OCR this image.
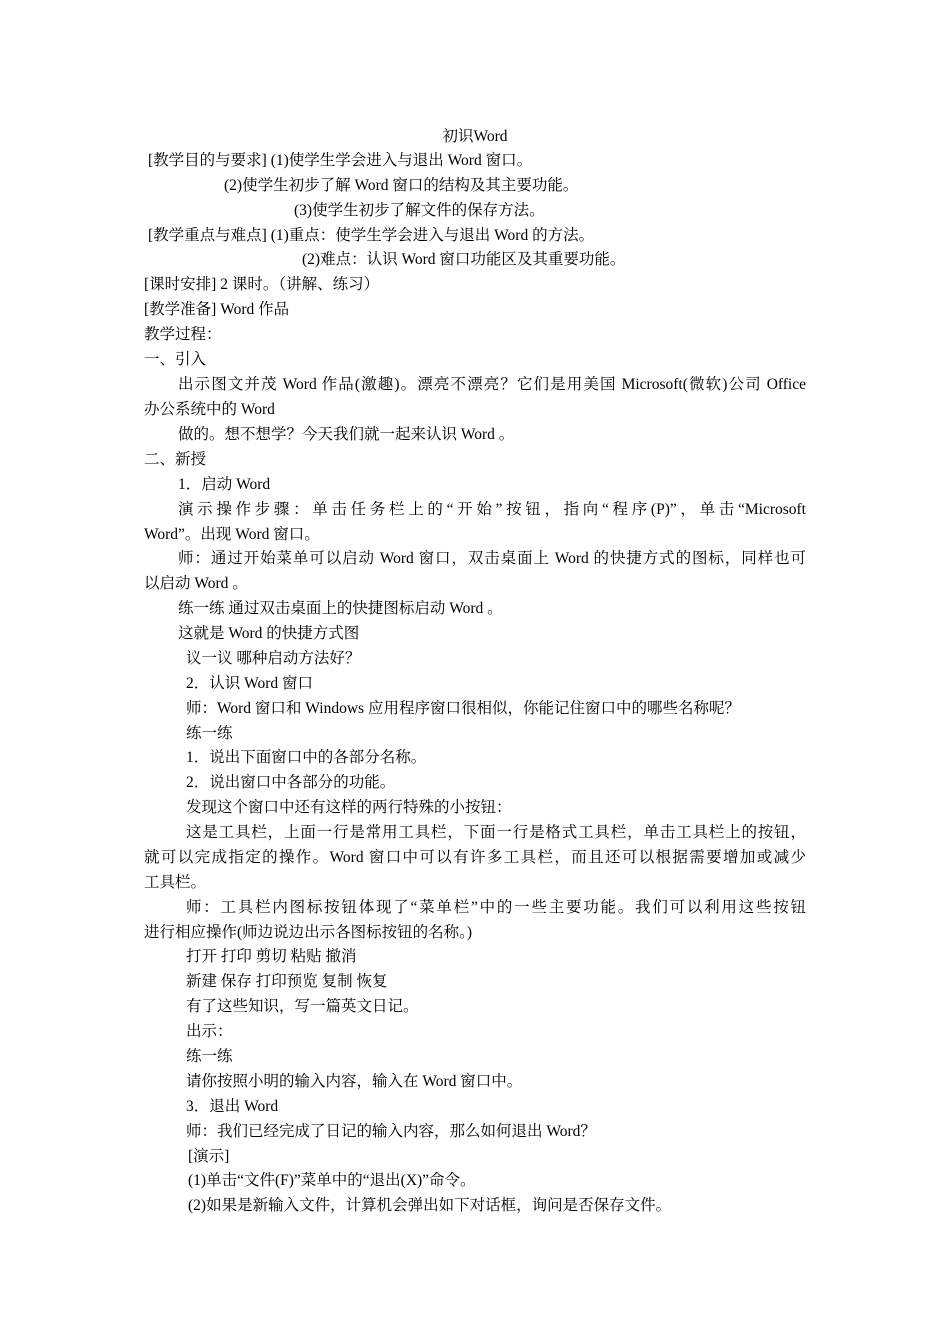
初识Word
[教学目的与要求] (1)使学生学会进入与退出 Word 窗口。
(2)使学生初步了解 Word 窗口的结构及其主要功能。
(3)使学生初步了解文件的保存方法。
[教学重点与难点] (1)重点：使学生学会进入与退出 Word 的方法。
(2)难点：认识 Word 窗口功能区及其重要功能。
[课时安排] 2 课时。（讲解、练习）
[教学准备] Word 作品
教学过程：
一、引入
出示图文并茂 Word 作品(激趣)。漂亮不漂亮？它们是用美国 Microsoft(微软)公司 Office
办公系统中的 Word
做的。想不想学？今天我们就一起来认识 Word 。
二、新授
1．启动 Word
演示操作步骤：单击任务栏上的“开始”按钮，指向“程序(P)”，单击“Microsoft
Word”。出现 Word 窗口。
师：通过开始菜单可以启动 Word 窗口，双击桌面上 Word 的快捷方式的图标，同样也可
以启动 Word 。
练一练 通过双击桌面上的快捷图标启动 Word 。
这就是 Word 的快捷方式图
议一议 哪种启动方法好？
2．认识 Word 窗口
师：Word 窗口和 Windows 应用程序窗口很相似，你能记住窗口中的哪些名称呢？
练一练
1．说出下面窗口中的各部分名称。
2．说出窗口中各部分的功能。
发现这个窗口中还有这样的两行特殊的小按钮：
这是工具栏，上面一行是常用工具栏，下面一行是格式工具栏，单击工具栏上的按钮，
就可以完成指定的操作。Word 窗口中可以有许多工具栏，而且还可以根据需要增加或减少
工具栏。
师：工具栏内图标按钮体现了“菜单栏”中的一些主要功能。我们可以利用这些按钮
进行相应操作(师边说边出示各图标按钮的名称。)
打开 打印 剪切 粘贴 撤消
新建 保存 打印预览 复制 恢复
有了这些知识，写一篇英文日记。
出示：
练一练
请你按照小明的输入内容，输入在 Word 窗口中。
3．退出 Word
师：我们已经完成了日记的输入内容，那么如何退出 Word？
[演示]
(1)单击“文件(F)”菜单中的“退出(X)”命令。
(2)如果是新输入文件，计算机会弹出如下对话框，询问是否保存文件。
